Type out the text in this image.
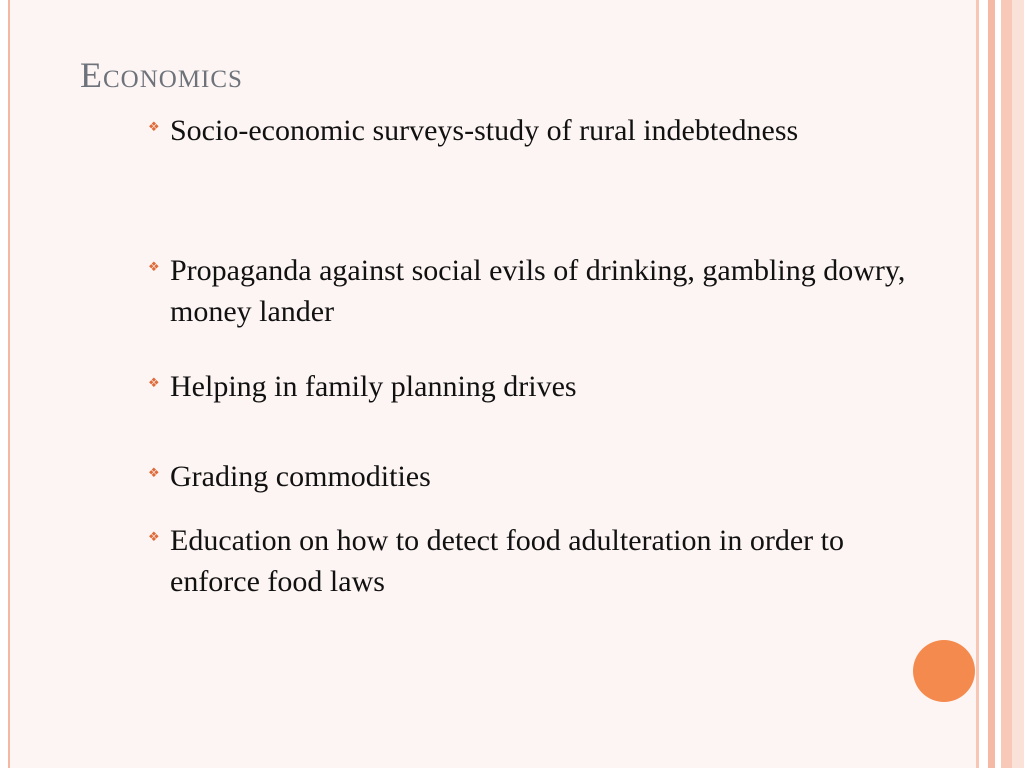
Economics
❖ Socio-economic surveys-study of rural indebtedness
❖ Propaganda against social evils of drinking, gambling dowry, money lander
❖ Helping in family planning drives
❖ Grading commodities
❖ Education on how to detect food adulteration in order to enforce food laws
